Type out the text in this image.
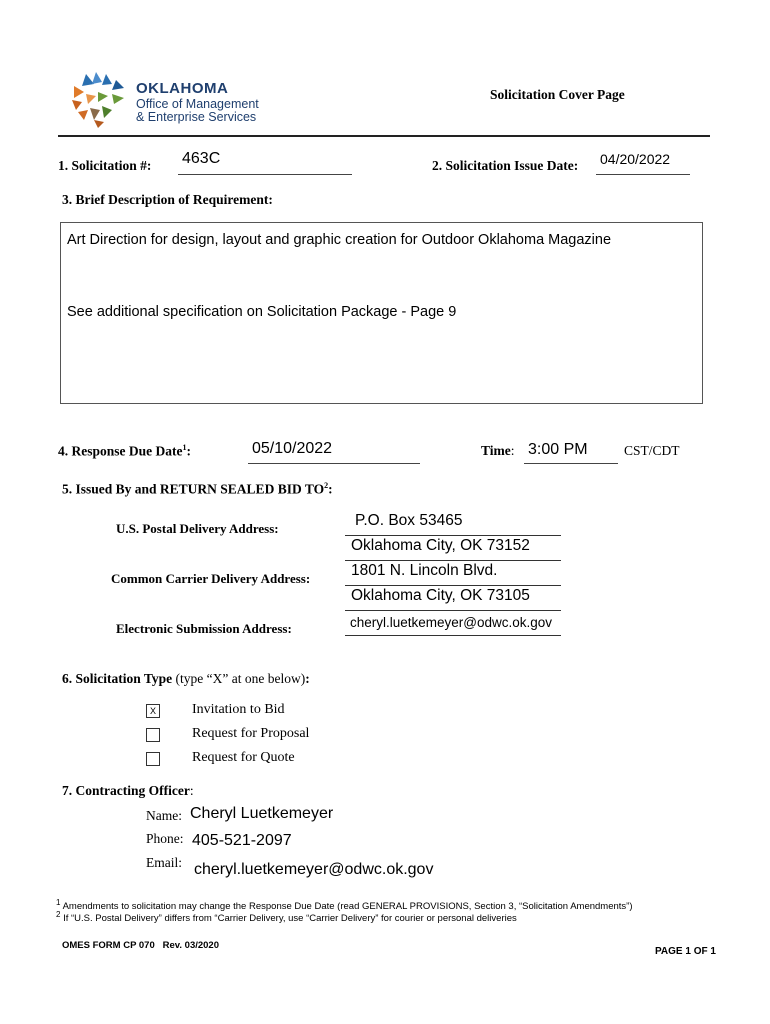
OKLAHOMA
Office of Management
& Enterprise Services
Solicitation Cover Page
1. Solicitation #: 463C	2. Solicitation Issue Date: 04/20/2022
3. Brief Description of Requirement:
Art Direction for design, layout and graphic creation for Outdoor Oklahoma Magazine
See additional specification on Solicitation Package - Page 9
4. Response Due Date$^1$:	05/10/2022	Time: 3:00 PM	CST/CDT
5. Issued By and RETURN SEALED BID $TO^2$:
U.S. Postal Delivery Address:	P.O. Box 53465
Oklahoma City, OK 73152
Common Carrier Delivery Address:	1801 N. Lincoln Blvd.
Oklahoma City, OK 73105
Electronic Submission Address:	cheryl.luetkemeyer@odwc.ok.gov
6. Solicitation Type (type “X” at one below):
X	Invitation to Bid
Request for Proposal
Request for Quote
7. Contracting Officer:
Name: Cheryl Luetkemeyer
Phone: 405-521-2097
Email: cheryl.luetkemeyer@odwc.ok.gov
$^1$ Amendments to solicitation may change the Response Due Date (read GENERAL PROVISIONS, Section 3, “Solicitation Amendments”)
$^2$ If “U.S. Postal Delivery” differs from “Carrier Delivery, use “Carrier Delivery” for courier or personal deliveries
OMES FORM CP 070   Rev. 03/2020
PAGE 1 OF 1
